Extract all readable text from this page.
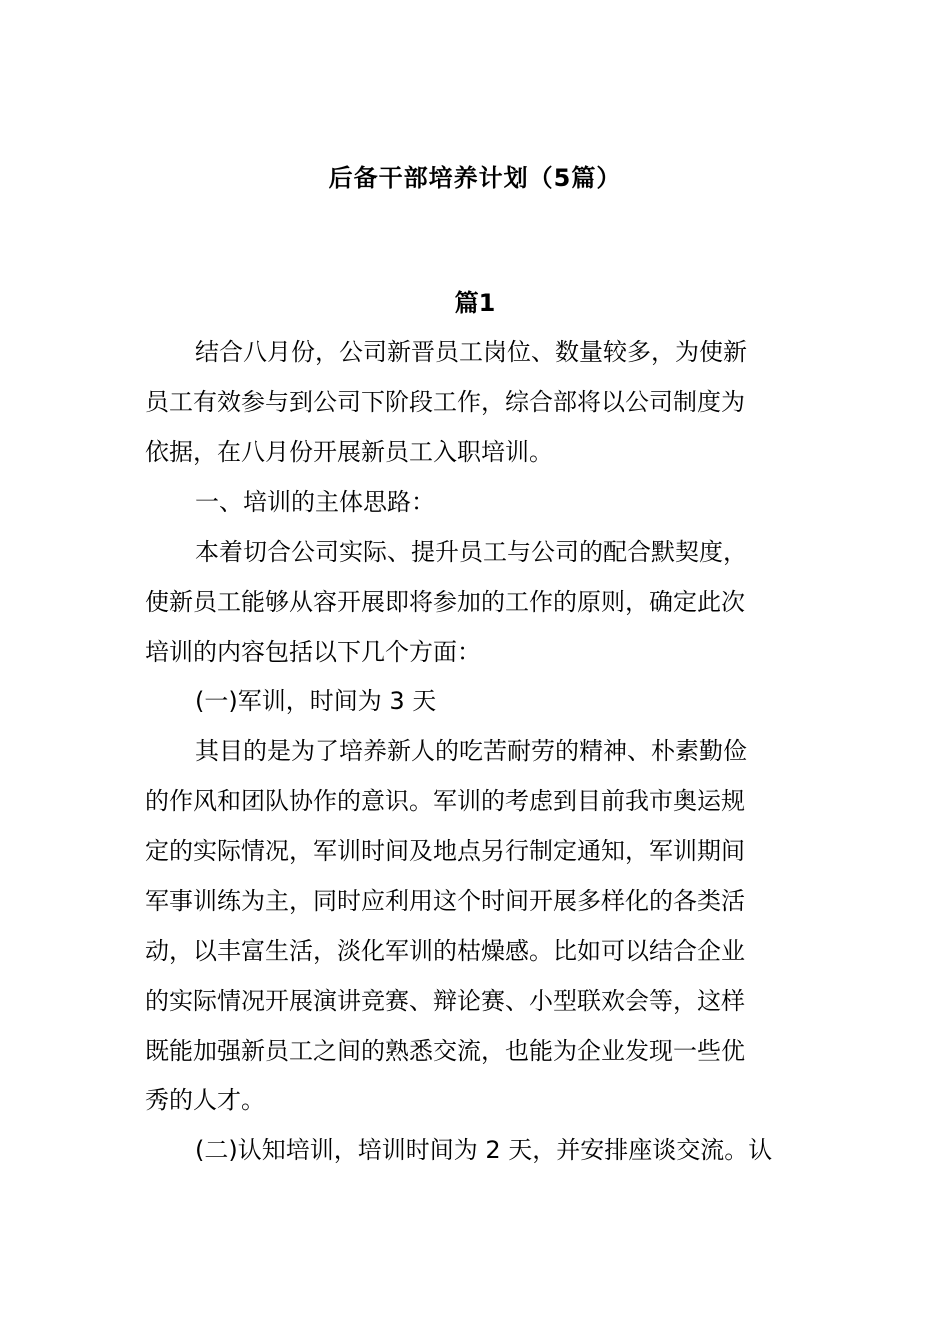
后备干部培养计划（5篇）
篇1
结合八月份，公司新晋员工岗位、数量较多，为使新
员工有效参与到公司下阶段工作，综合部将以公司制度为
依据，在八月份开展新员工入职培训。
一、培训的主体思路：
本着切合公司实际、提升员工与公司的配合默契度，
使新员工能够从容开展即将参加的工作的原则，确定此次
培训的内容包括以下几个方面：
(一)军训，时间为 3 天
其目的是为了培养新人的吃苦耐劳的精神、朴素勤俭
的作风和团队协作的意识。军训的考虑到目前我市奥运规
定的实际情况，军训时间及地点另行制定通知，军训期间
军事训练为主，同时应利用这个时间开展多样化的各类活
动，以丰富生活，淡化军训的枯燥感。比如可以结合企业
的实际情况开展演讲竞赛、辩论赛、小型联欢会等，这样
既能加强新员工之间的熟悉交流，也能为企业发现一些优
秀的人才。
(二)认知培训，培训时间为 2 天，并安排座谈交流。认
